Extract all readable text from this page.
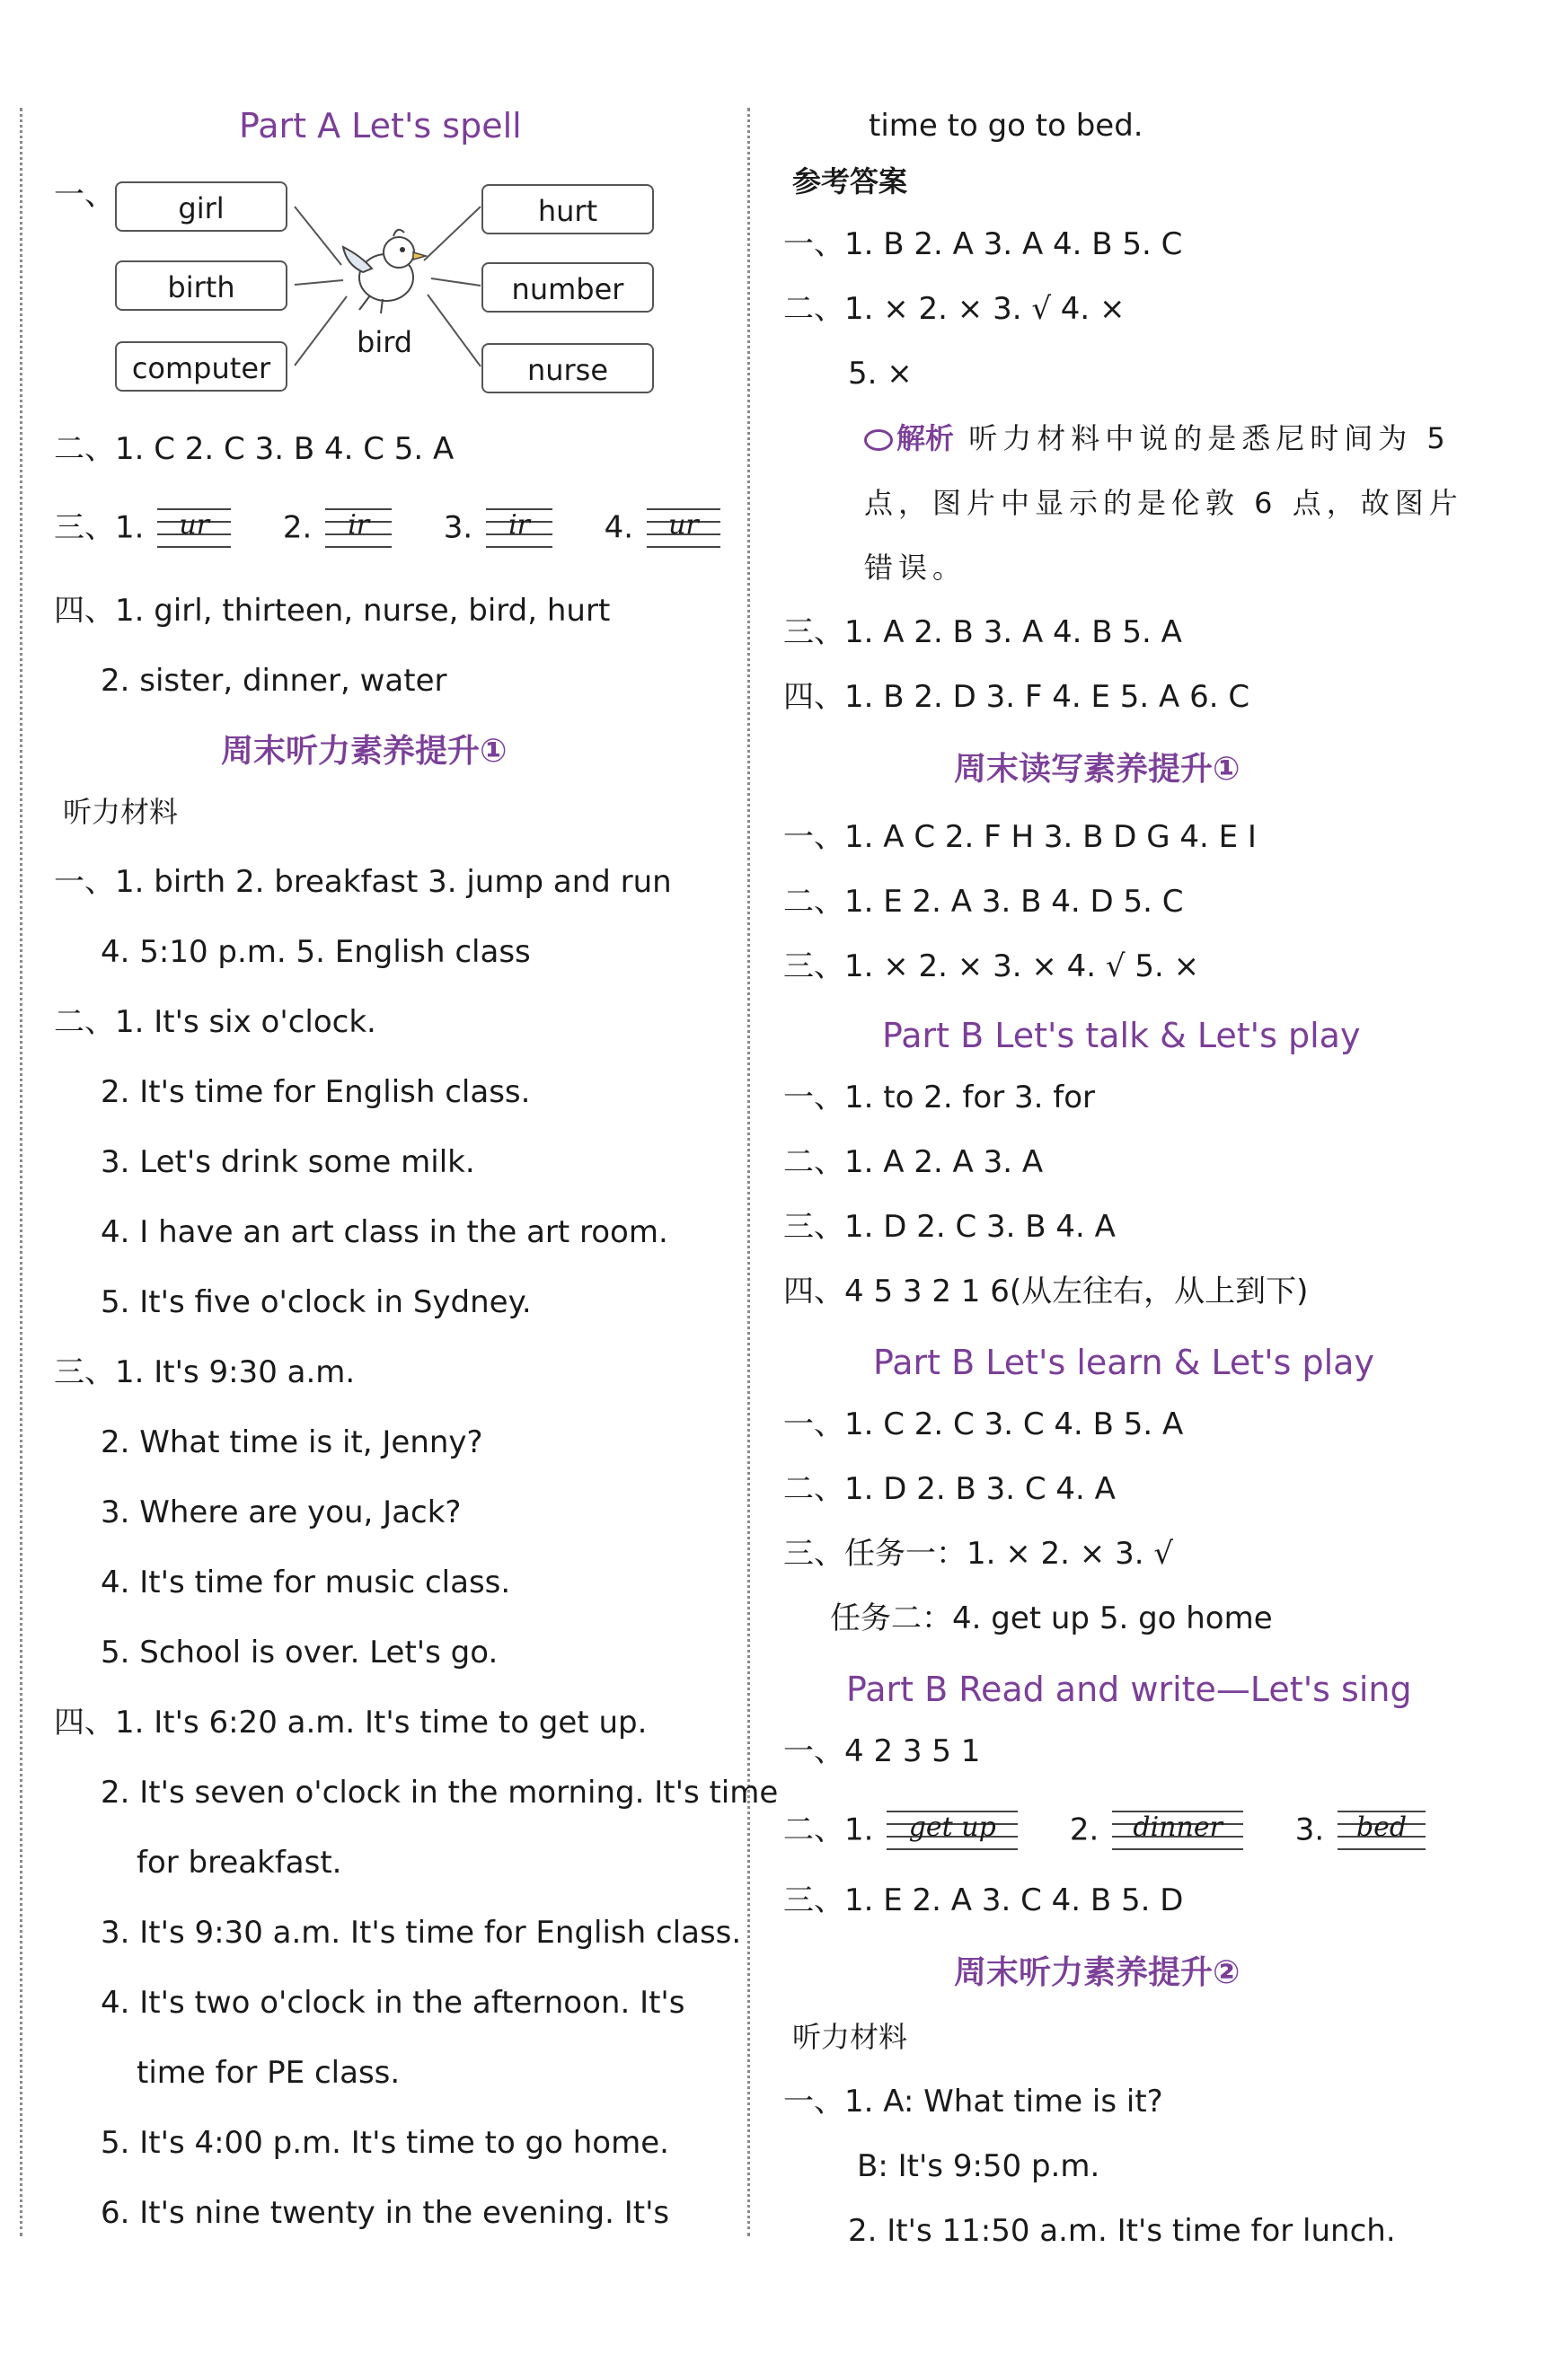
Part A Let's spell
一、	girl
birth
computer
hurt
number
nurse
bird
二、1. C 2. C 3. B 4. C 5. A
三、1.	ur	2.	ir	3.	ir	4.	ur
四、1. girl, thirteen, nurse, bird, hurt
2. sister, dinner, water
周末听力素养提升①
听力材料
一、1. birth 2. breakfast 3. jump and run
4. 5:10 p.m. 5. English class
二、1. It's six o'clock.
2. It's time for English class.
3. Let's drink some milk.
4. I have an art class in the art room.
5. It's five o'clock in Sydney.
三、1. It's 9:30 a.m.
2. What time is it, Jenny?
3. Where are you, Jack?
4. It's time for music class.
5. School is over. Let's go.
四、1. It's 6:20 a.m. It's time to get up.
2. It's seven o'clock in the morning. It's time
for breakfast.
3. It's 9:30 a.m. It's time for English class.
4. It's two o'clock in the afternoon. It's
time for PE class.
5. It's 4:00 p.m. It's time to go home.
6. It's nine twenty in the evening. It's
time to go to bed.
参考答案
一、1. B 2. A 3. A 4. B 5. C
二、1. × 2. × 3. √ 4. ×
5. ×
解析 听力材料中说的是悉尼时间为 5
点，图片中显示的是伦敦 6 点，故图片
错误。
三、1. A 2. B 3. A 4. B 5. A
四、1. B 2. D 3. F 4. E 5. A 6. C
周末读写素养提升①
一、1. A C 2. F H 3. B D G 4. E I
二、1. E 2. A 3. B 4. D 5. C
三、1. × 2. × 3. × 4. √ 5. ×
Part B Let's talk & Let's play
一、1. to 2. for 3. for
二、1. A 2. A 3. A
三、1. D 2. C 3. B 4. A
四、4 5 3 2 1 6(从左往右，从上到下)
Part B Let's learn & Let's play
一、1. C 2. C 3. C 4. B 5. A
二、1. D 2. B 3. C 4. A
三、任务一：1. × 2. × 3. √
任务二：4. get up 5. go home
Part B Read and write—Let's sing
一、4 2 3 5 1
二、1.	get up	2.	dinner	3.	bed
三、1. E 2. A 3. C 4. B 5. D
周末听力素养提升②
听力材料
一、1. A: What time is it?
B: It's 9:50 p.m.
2. It's 11:50 a.m. It's time for lunch.
